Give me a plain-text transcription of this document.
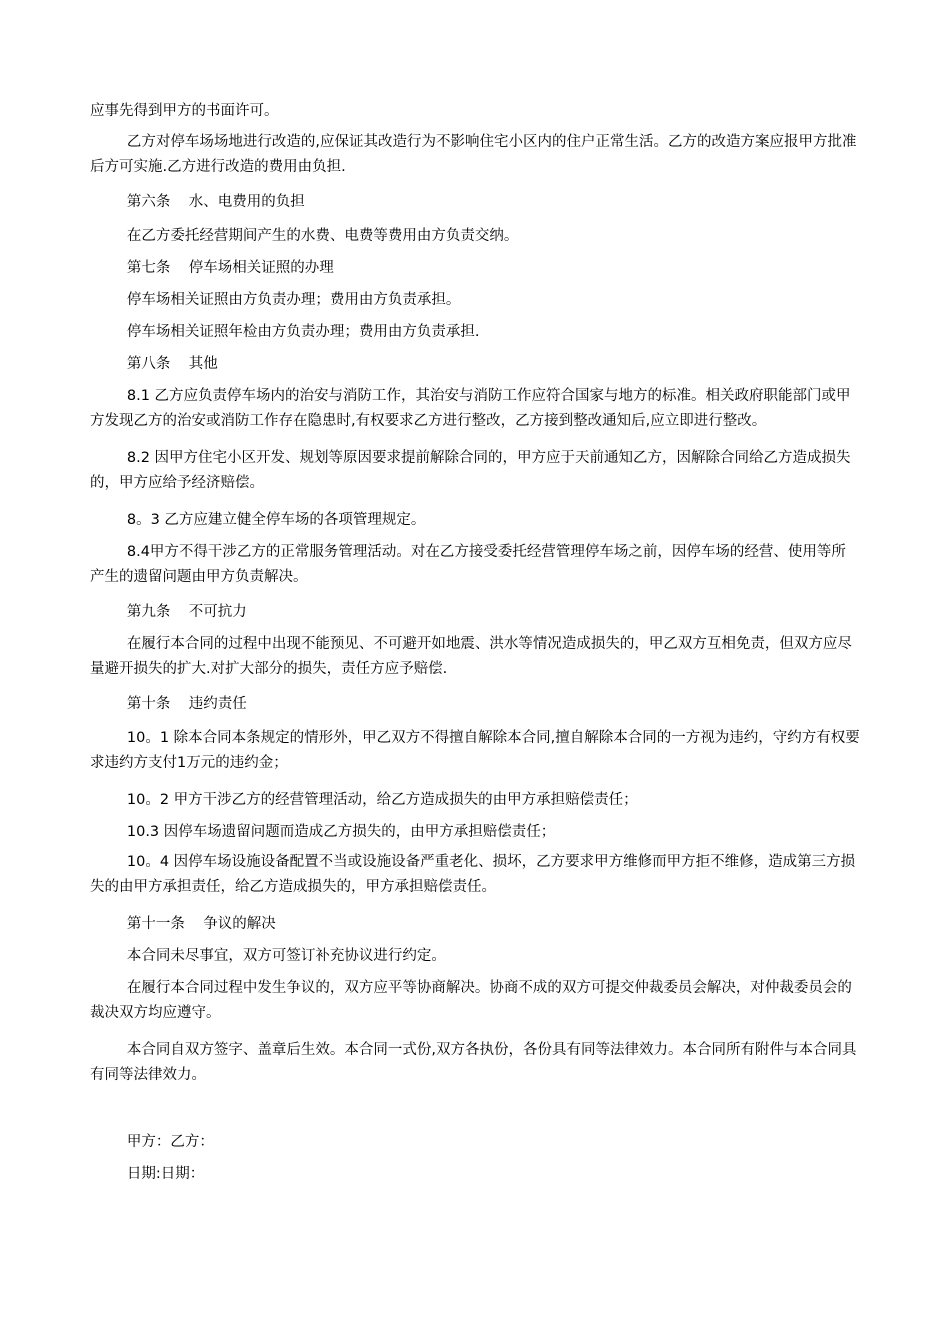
应事先得到甲方的书面许可。
乙方对停车场场地进行改造的,应保证其改造行为不影响住宅小区内的住户正常生活。乙方的改造方案应报甲方批准后方可实施.乙方进行改造的费用由负担.
第六条    水、电费用的负担
在乙方委托经营期间产生的水费、电费等费用由方负责交纳。
第七条    停车场相关证照的办理
停车场相关证照由方负责办理；费用由方负责承担。
停车场相关证照年检由方负责办理；费用由方负责承担.
第八条    其他
8.1 乙方应负责停车场内的治安与消防工作，其治安与消防工作应符合国家与地方的标准。相关政府职能部门或甲方发现乙方的治安或消防工作存在隐患时,有权要求乙方进行整改，乙方接到整改通知后,应立即进行整改。
8.2 因甲方住宅小区开发、规划等原因要求提前解除合同的，甲方应于天前通知乙方，因解除合同给乙方造成损失的，甲方应给予经济赔偿。
8。3 乙方应建立健全停车场的各项管理规定。
8.4甲方不得干涉乙方的正常服务管理活动。对在乙方接受委托经营管理停车场之前，因停车场的经营、使用等所产生的遗留问题由甲方负责解决。
第九条    不可抗力
在履行本合同的过程中出现不能预见、不可避开如地震、洪水等情况造成损失的，甲乙双方互相免责，但双方应尽量避开损失的扩大.对扩大部分的损失，责任方应予赔偿.
第十条    违约责任
10。1 除本合同本条规定的情形外，甲乙双方不得擅自解除本合同,擅自解除本合同的一方视为违约，守约方有权要求违约方支付1万元的违约金；
10。2 甲方干涉乙方的经营管理活动，给乙方造成损失的由甲方承担赔偿责任；
10.3 因停车场遗留问题而造成乙方损失的，由甲方承担赔偿责任；
10。4 因停车场设施设备配置不当或设施设备严重老化、损坏，乙方要求甲方维修而甲方拒不维修，造成第三方损失的由甲方承担责任，给乙方造成损失的，甲方承担赔偿责任。
第十一条    争议的解决
本合同未尽事宜，双方可签订补充协议进行约定。
在履行本合同过程中发生争议的，双方应平等协商解决。协商不成的双方可提交仲裁委员会解决，对仲裁委员会的裁决双方均应遵守。
本合同自双方签字、盖章后生效。本合同一式份,双方各执份，各份具有同等法律效力。本合同所有附件与本合同具有同等法律效力。
甲方：乙方：
日期:日期：
